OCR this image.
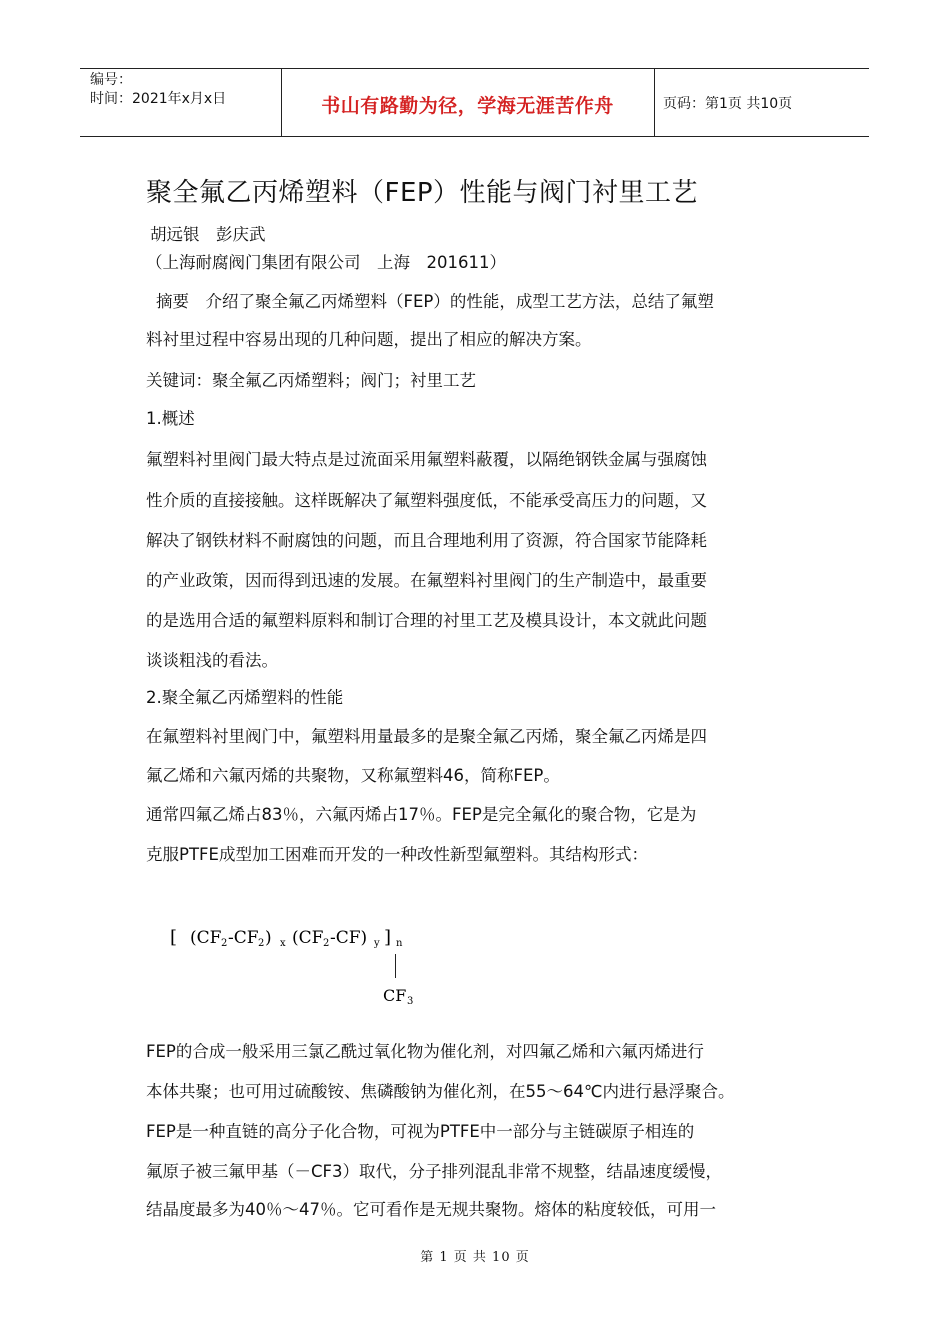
编号：
时间：2021年x月x日	书山有路勤为径，学海无涯苦作舟	页码：第1页 共10页
聚全氟乙丙烯塑料（FEP）性能与阀门衬里工艺
胡远银　彭庆武
（上海耐腐阀门集团有限公司　上海　201611）
摘要　介绍了聚全氟乙丙烯塑料（FEP）的性能，成型工艺方法，总结了氟塑
料衬里过程中容易出现的几种问题，提出了相应的解决方案。
关键词：聚全氟乙丙烯塑料；阀门；衬里工艺
1.概述
氟塑料衬里阀门最大特点是过流面采用氟塑料蔽覆，以隔绝钢铁金属与强腐蚀
性介质的直接接触。这样既解决了氟塑料强度低，不能承受高压力的问题，又
解决了钢铁材料不耐腐蚀的问题，而且合理地利用了资源，符合国家节能降耗
的产业政策，因而得到迅速的发展。在氟塑料衬里阀门的生产制造中，最重要
的是选用合适的氟塑料原料和制订合理的衬里工艺及模具设计，本文就此问题
谈谈粗浅的看法。
2.聚全氟乙丙烯塑料的性能
在氟塑料衬里阀门中，氟塑料用量最多的是聚全氟乙丙烯，聚全氟乙丙烯是四
氟乙烯和六氟丙烯的共聚物，又称氟塑料46，简称FEP。
通常四氟乙烯占83％，六氟丙烯占17％。FEP是完全氟化的聚合物，它是为
克服PTFE成型加工困难而开发的一种改性新型氟塑料。其结构形式：
[ (CF 2 -CF 2 ) x (CF 2 -CF) y ] n
CF 3
FEP的合成一般采用三氯乙酰过氧化物为催化剂，对四氟乙烯和六氟丙烯进行
本体共聚；也可用过硫酸铵、焦磷酸钠为催化剂，在55～64℃内进行悬浮聚合。
FEP是一种直链的高分子化合物，可视为PTFE中一部分与主链碳原子相连的
氟原子被三氟甲基（－CF3）取代，分子排列混乱非常不规整，结晶速度缓慢，
结晶度最多为40％～47％。它可看作是无规共聚物。熔体的粘度较低，可用一
第 1 页 共 10 页
